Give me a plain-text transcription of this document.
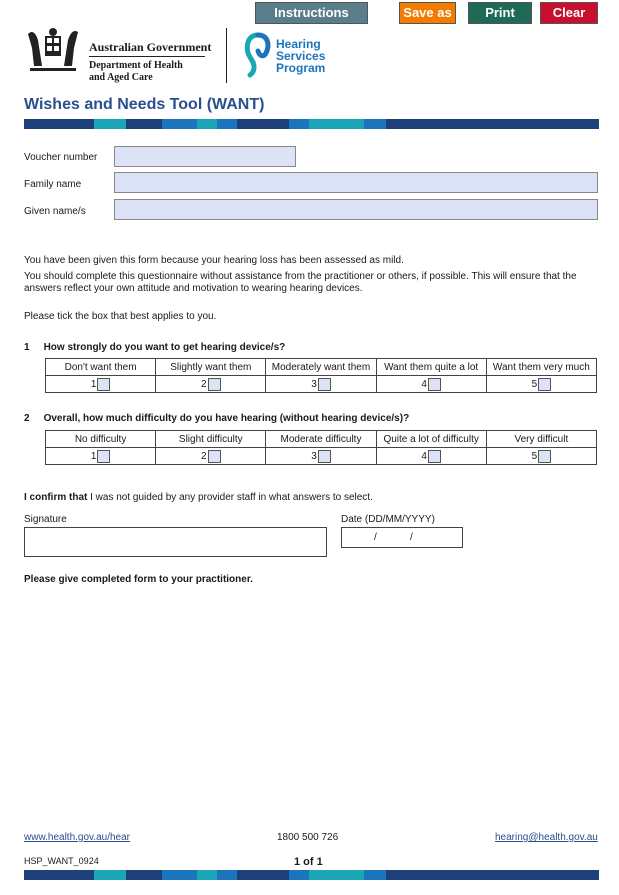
Instructions	Save as	Print	Clear
Australian Government
Department of Health
and Aged Care
Hearing
Services
Program
Wishes and Needs Tool (WANT)
Voucher number
Family name
Given name/s
You have been given this form because your hearing loss has been assessed as mild.
You should complete this questionnaire without assistance from the practitioner or others, if possible. This will ensure that the answers reflect your own attitude and motivation to wearing hearing devices.
Please tick the box that best applies to you.
1 How strongly do you want to get hearing device/s?
Don't want them	Slightly want them	Moderately want them	Want them quite a lot	Want them very much
1	2	3	4	5
2 Overall, how much difficulty do you have hearing (without hearing device/s)?
No difficulty	Slight difficulty	Moderate difficulty	Quite a lot of difficulty	Very difficult
1	2	3	4	5
I confirm that I was not guided by any provider staff in what answers to select.
Signature	Date (DD/MM/YYYY)
/	/
Please give completed form to your practitioner.
www.health.gov.au/hear	1800 500 726	hearing@health.gov.au
HSP_WANT_0924	1 of 1
